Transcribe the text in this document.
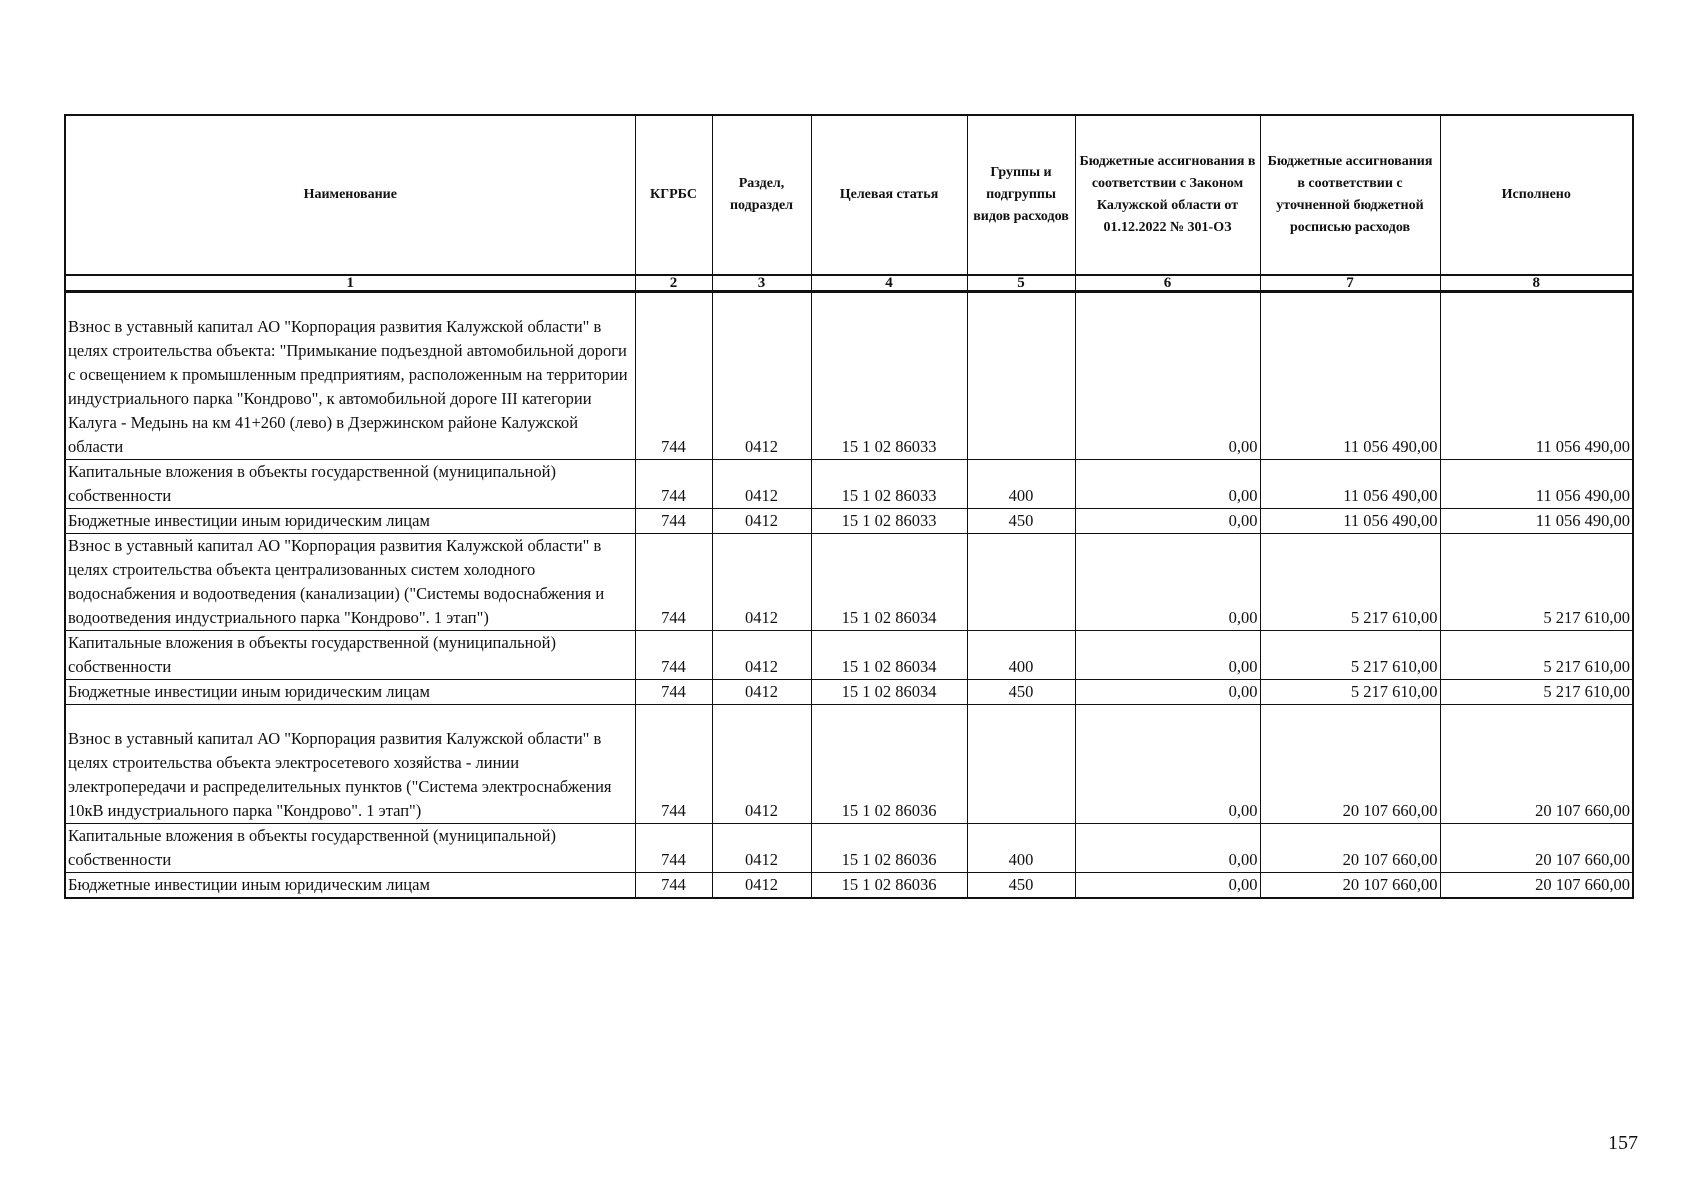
Наименование	КГРБС	Раздел, подраздел	Целевая статья	Группы и подгруппы видов расходов	Бюджетные ассигнования в соответствии с Законом Калужской области от 01.12.2022 № 301-ОЗ	Бюджетные ассигнования в соответствии с уточненной бюджетной росписью расходов	Исполнено
1	2	3	4	5	6	7	8
Взнос в уставный капитал АО "Корпорация развития Калужской области" в целях строительства объекта: "Примыкание подъездной автомобильной дороги с освещением к промышленным предприятиям, расположенным на территории индустриального парка "Кондрово", к автомобильной дороге III категории Калуга - Медынь на км 41+260 (лево) в Дзержинском районе Калужской области	744	0412	15 1 02 86033		0,00	11 056 490,00	11 056 490,00
Капитальные вложения в объекты государственной (муниципальной) собственности	744	0412	15 1 02 86033	400	0,00	11 056 490,00	11 056 490,00
Бюджетные инвестиции иным юридическим лицам	744	0412	15 1 02 86033	450	0,00	11 056 490,00	11 056 490,00
Взнос в уставный капитал АО "Корпорация развития Калужской области" в целях строительства объекта централизованных систем холодного водоснабжения и водоотведения (канализации) ("Системы водоснабжения и водоотведения индустриального парка "Кондрово". 1 этап")	744	0412	15 1 02 86034		0,00	5 217 610,00	5 217 610,00
Капитальные вложения в объекты государственной (муниципальной) собственности	744	0412	15 1 02 86034	400	0,00	5 217 610,00	5 217 610,00
Бюджетные инвестиции иным юридическим лицам	744	0412	15 1 02 86034	450	0,00	5 217 610,00	5 217 610,00
Взнос в уставный капитал АО "Корпорация развития Калужской области" в целях строительства объекта электросетевого хозяйства - линии электропередачи и распределительных пунктов ("Система электроснабжения 10кВ индустриального парка "Кондрово". 1 этап")	744	0412	15 1 02 86036		0,00	20 107 660,00	20 107 660,00
Капитальные вложения в объекты государственной (муниципальной) собственности	744	0412	15 1 02 86036	400	0,00	20 107 660,00	20 107 660,00
Бюджетные инвестиции иным юридическим лицам	744	0412	15 1 02 86036	450	0,00	20 107 660,00	20 107 660,00
157
